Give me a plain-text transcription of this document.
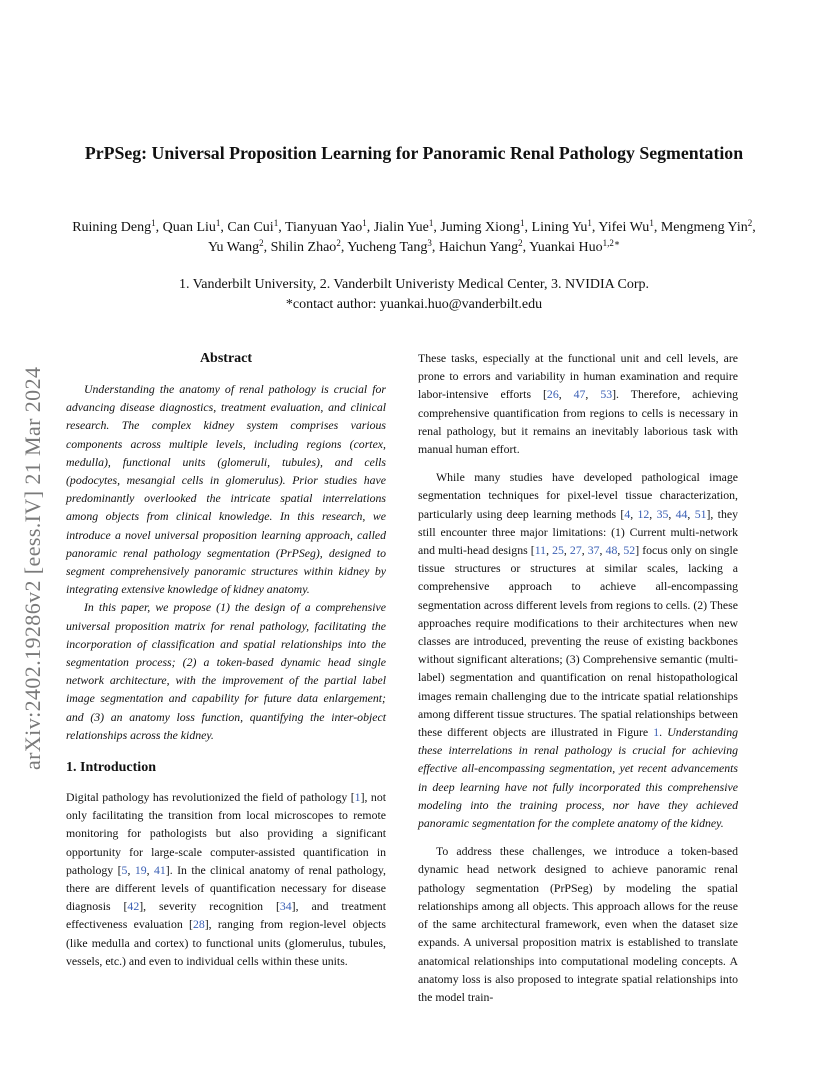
arXiv:2402.19286v2 [eess.IV] 21 Mar 2024
PrPSeg: Universal Proposition Learning for Panoramic Renal Pathology Segmentation
Ruining Deng$^1$, Quan Liu$^1$, Can Cui$^1$, Tianyuan Yao$^1$, Jialin Yue$^1$, Juming Xiong$^1$, Lining Yu$^1$, Yifei Wu$^1$, Mengmeng Yin$^2$, Yu Wang$^2$, Shilin Zhao$^2$, Yucheng Tang$^3$, Haichun Yang$^2$, Yuankai Huo$^{1,2∗}$
1. Vanderbilt University, 2. Vanderbilt Univeristy Medical Center, 3. NVIDIA Corp.
*contact author: yuankai.huo@vanderbilt.edu
Abstract

Understanding the anatomy of renal pathology is crucial for advancing disease diagnostics, treatment evaluation, and clinical research. The complex kidney system comprises various components across multiple levels, including regions (cortex, medulla), functional units (glomeruli, tubules), and cells (podocytes, mesangial cells in glomerulus). Prior studies have predominantly overlooked the intricate spatial interrelations among objects from clinical knowledge. In this research, we introduce a novel universal proposition learning approach, called panoramic renal pathology segmentation (PrPSeg), designed to segment comprehensively panoramic structures within kidney by integrating extensive knowledge of kidney anatomy.

In this paper, we propose (1) the design of a comprehensive universal proposition matrix for renal pathology, facilitating the incorporation of classification and spatial relationships into the segmentation process; (2) a token-based dynamic head single network architecture, with the improvement of the partial label image segmentation and capability for future data enlargement; and (3) an anatomy loss function, quantifying the inter-object relationships across the kidney.

1. Introduction

Digital pathology has revolutionized the field of pathology [1], not only facilitating the transition from local microscopes to remote monitoring for pathologists but also providing a significant opportunity for large-scale computer-assisted quantification in pathology [5, 19, 41]. In the clinical anatomy of renal pathology, there are different levels of quantification necessary for disease diagnosis [42], severity recognition [34], and treatment effectiveness evaluation [28], ranging from region-level objects (like medulla and cortex) to functional units (glomerulus, tubules, vessels, etc.) and even to individual cells within these units.

These tasks, especially at the functional unit and cell levels, are prone to errors and variability in human examination and require labor-intensive efforts [26, 47, 53]. Therefore, achieving comprehensive quantification from regions to cells is necessary in renal pathology, but it remains an inevitably laborious task with manual human effort.

While many studies have developed pathological image segmentation techniques for pixel-level tissue characterization, particularly using deep learning methods [4, 12, 35, 44, 51], they still encounter three major limitations: (1) Current multi-network and multi-head designs [11, 25, 27, 37, 48, 52] focus only on single tissue structures or structures at similar scales, lacking a comprehensive approach to achieve all-encompassing segmentation across different levels from regions to cells. (2) These approaches require modifications to their architectures when new classes are introduced, preventing the reuse of existing backbones without significant alterations; (3) Comprehensive semantic (multi-label) segmentation and quantification on renal histopathological images remain challenging due to the intricate spatial relationships among different tissue structures. The spatial relationships between these different objects are illustrated in Figure 1. Understanding these interrelations in renal pathology is crucial for achieving effective all-encompassing segmentation, yet recent advancements in deep learning have not fully incorporated this comprehensive modeling into the training process, nor have they achieved panoramic segmentation for the complete anatomy of the kidney.

To address these challenges, we introduce a token-based dynamic head network designed to achieve panoramic renal pathology segmentation (PrPSeg) by modeling the spatial relationships among all objects. This approach allows for the reuse of the same architectural framework, even when the dataset size expands. A universal proposition matrix is established to translate anatomical relationships into computational modeling concepts. A anatomy loss is also proposed to integrate spatial relationships into the model train-
